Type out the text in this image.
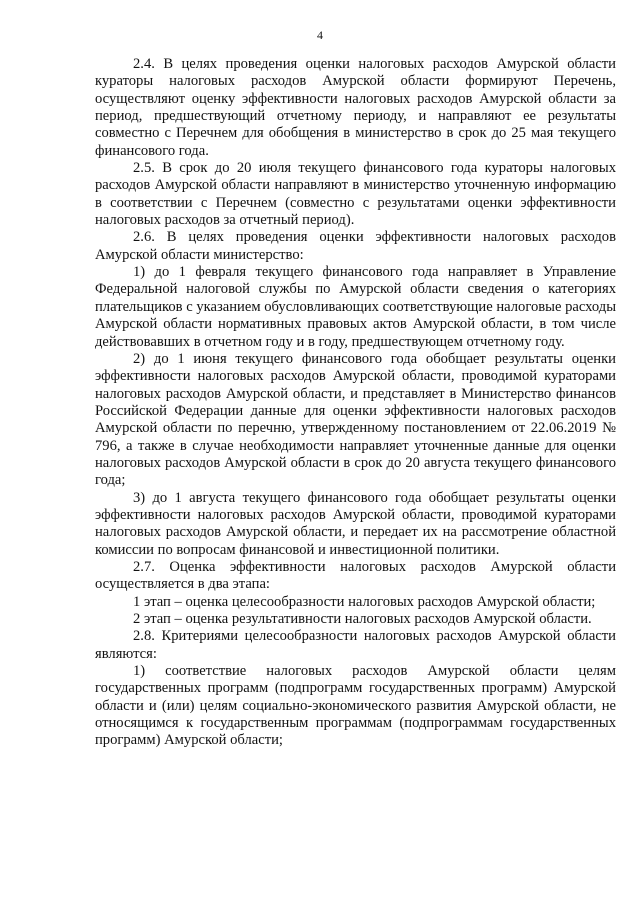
4

2.4. В целях проведения оценки налоговых расходов Амурской области кураторы налоговых расходов Амурской области формируют Перечень, осуществляют оценку эффективности налоговых расходов Амурской области за период, предшествующий отчетному периоду, и направляют ее результаты совместно с Перечнем для обобщения в министерство в срок до 25 мая текущего финансового года.

2.5. В срок до 20 июля текущего финансового года кураторы налоговых расходов Амурской области направляют в министерство уточненную информацию в соответствии с Перечнем (совместно с результатами оценки эффективности налоговых расходов за отчетный период).

2.6. В целях проведения оценки эффективности налоговых расходов Амурской области министерство:

1) до 1 февраля текущего финансового года направляет в Управление Федеральной налоговой службы по Амурской области сведения о категориях плательщиков с указанием обусловливающих соответствующие налоговые расходы Амурской области нормативных правовых актов Амурской области, в том числе действовавших в отчетном году и в году, предшествующем отчетному году.

2) до 1 июня текущего финансового года обобщает результаты оценки эффективности налоговых расходов Амурской области, проводимой кураторами налоговых расходов Амурской области, и представляет в Министерство финансов Российской Федерации данные для оценки эффективности налоговых расходов Амурской области по перечню, утвержденному постановлением от 22.06.2019 № 796, а также в случае необходимости направляет уточненные данные для оценки налоговых расходов Амурской области в срок до 20 августа текущего финансового года;

3) до 1 августа текущего финансового года обобщает результаты оценки эффективности налоговых расходов Амурской области, проводимой кураторами налоговых расходов Амурской области, и передает их на рассмотрение областной комиссии по вопросам финансовой и инвестиционной политики.

2.7. Оценка эффективности налоговых расходов Амурской области осуществляется в два этапа:

1 этап – оценка целесообразности налоговых расходов Амурской области;

2 этап – оценка результативности налоговых расходов Амурской области.

2.8. Критериями целесообразности налоговых расходов Амурской области являются:

1) соответствие налоговых расходов Амурской области целям государственных программ (подпрограмм государственных программ) Амурской области и (или) целям социально-экономического развития Амурской области, не относящимся к государственным программам (подпрограммам государственных программ) Амурской области;
